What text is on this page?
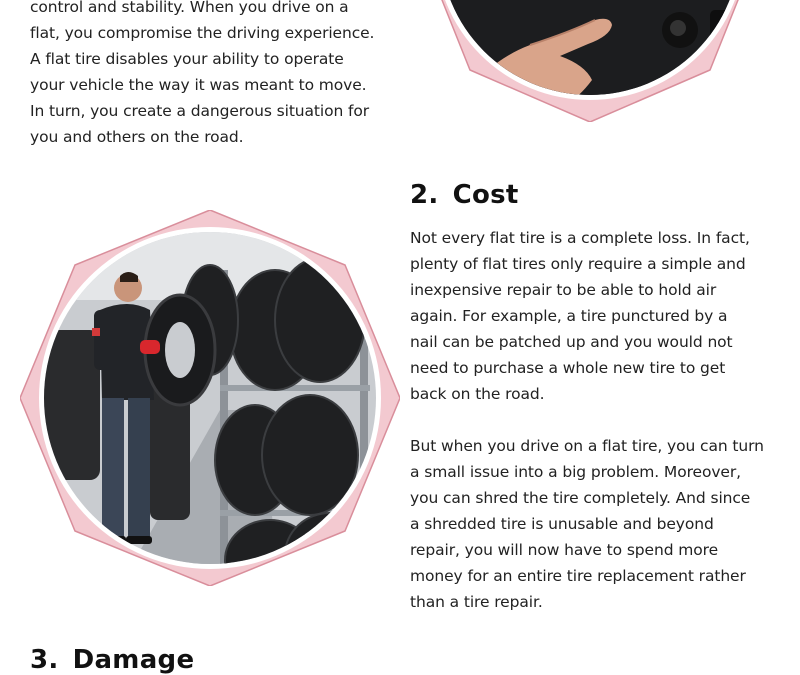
control and stability. When you drive on a
flat, you compromise the driving experience.
A flat tire disables your ability to operate
your vehicle the way it was meant to move.
In turn, you create a dangerous situation for
you and others on the road.
2. Cost
Not every flat tire is a complete loss. In fact,
plenty of flat tires only require a simple and
inexpensive repair to be able to hold air
again. For example, a tire punctured by a
nail can be patched up and you would not
need to purchase a whole new tire to get
back on the road.
But when you drive on a flat tire, you can turn
a small issue into a big problem. Moreover,
you can shred the tire completely. And since
a shredded tire is unusable and beyond
repair, you will now have to spend more
money for an entire tire replacement rather
than a tire repair.
3. Damage
